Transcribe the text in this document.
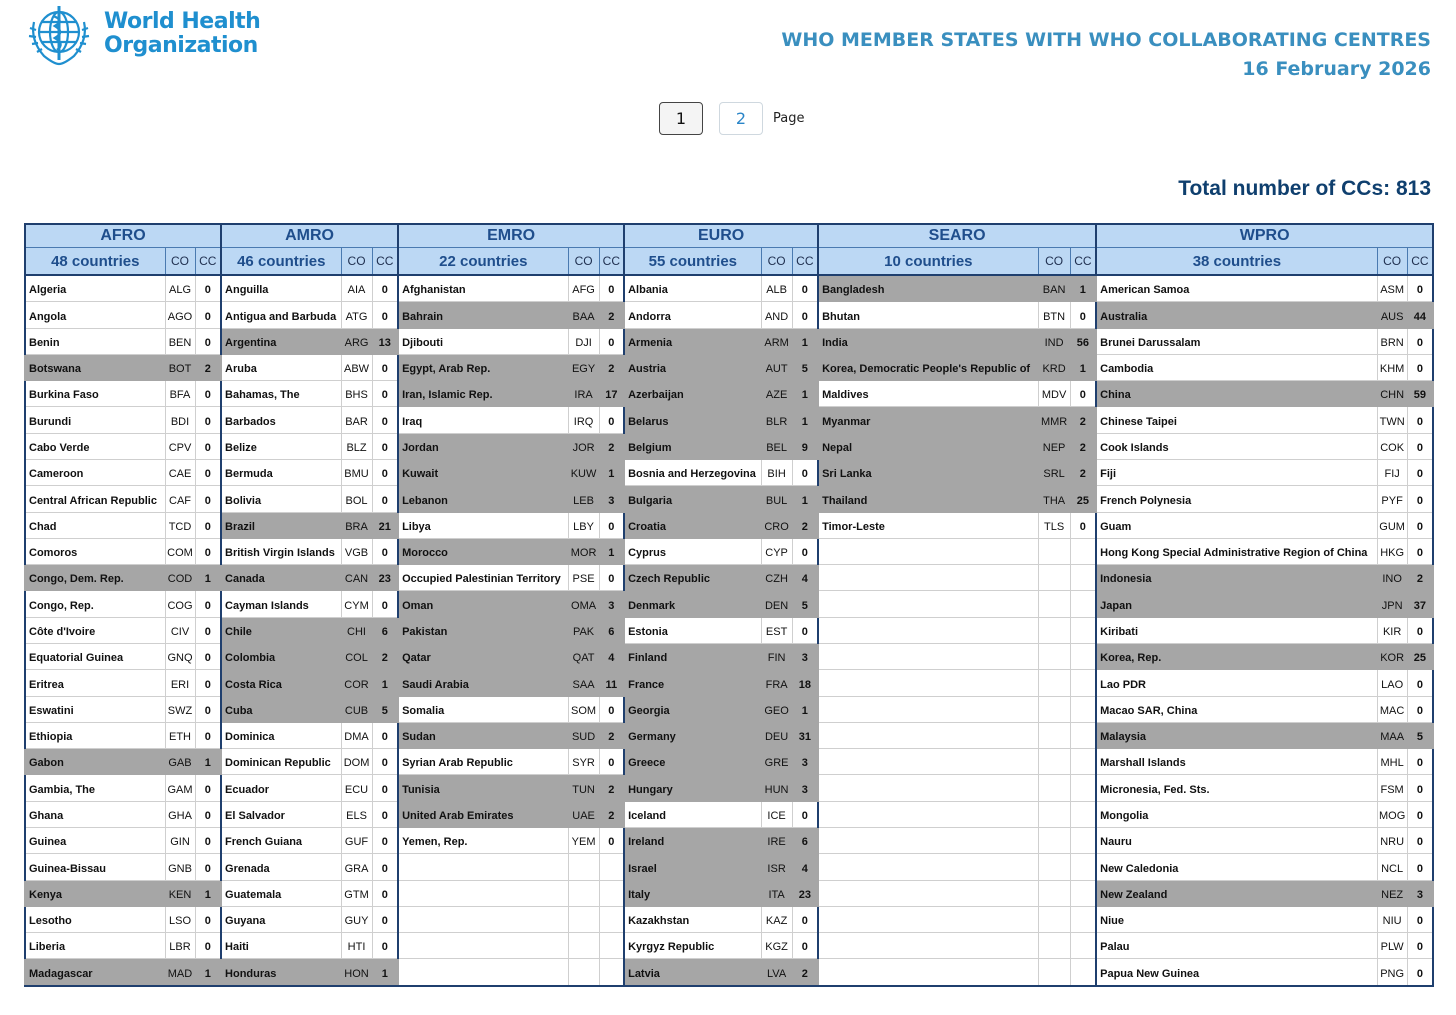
World Health
Organization	WHO MEMBER STATES WITH WHO COLLABORATING CENTRES
16 February 2026
1	2	Page
Total number of CCs: 813
AFRO			AMRO			EMRO			EURO			SEARO			WPRO		
48 countries	CO	CC	46 countries	CO	CC	22 countries	CO	CC	55 countries	CO	CC	10 countries	CO	CC	38 countries	CO	CC
Algeria	ALG	0	Anguilla	AIA	0	Afghanistan	AFG	0	Albania	ALB	0	Bangladesh	BAN	1	American Samoa	ASM	0
Angola	AGO	0	Antigua and Barbuda	ATG	0	Bahrain	BAA	2	Andorra	AND	0	Bhutan	BTN	0	Australia	AUS	44
Benin	BEN	0	Argentina	ARG	13	Djibouti	DJI	0	Armenia	ARM	1	India	IND	56	Brunei Darussalam	BRN	0
Botswana	BOT	2	Aruba	ABW	0	Egypt, Arab Rep.	EGY	2	Austria	AUT	5	Korea, Democratic People's Republic of	KRD	1	Cambodia	KHM	0
Burkina Faso	BFA	0	Bahamas, The	BHS	0	Iran, Islamic Rep.	IRA	17	Azerbaijan	AZE	1	Maldives	MDV	0	China	CHN	59
Burundi	BDI	0	Barbados	BAR	0	Iraq	IRQ	0	Belarus	BLR	1	Myanmar	MMR	2	Chinese Taipei	TWN	0
Cabo Verde	CPV	0	Belize	BLZ	0	Jordan	JOR	2	Belgium	BEL	9	Nepal	NEP	2	Cook Islands	COK	0
Cameroon	CAE	0	Bermuda	BMU	0	Kuwait	KUW	1	Bosnia and Herzegovina	BIH	0	Sri Lanka	SRL	2	Fiji	FIJ	0
Central African Republic	CAF	0	Bolivia	BOL	0	Lebanon	LEB	3	Bulgaria	BUL	1	Thailand	THA	25	French Polynesia	PYF	0
Chad	TCD	0	Brazil	BRA	21	Libya	LBY	0	Croatia	CRO	2	Timor-Leste	TLS	0	Guam	GUM	0
Comoros	COM	0	British Virgin Islands	VGB	0	Morocco	MOR	1	Cyprus	CYP	0				Hong Kong Special Administrative Region of China	HKG	0
Congo, Dem. Rep.	COD	1	Canada	CAN	23	Occupied Palestinian Territory	PSE	0	Czech Republic	CZH	4				Indonesia	INO	2
Congo, Rep.	COG	0	Cayman Islands	CYM	0	Oman	OMA	3	Denmark	DEN	5				Japan	JPN	37
Côte d'Ivoire	CIV	0	Chile	CHI	6	Pakistan	PAK	6	Estonia	EST	0				Kiribati	KIR	0
Equatorial Guinea	GNQ	0	Colombia	COL	2	Qatar	QAT	4	Finland	FIN	3				Korea, Rep.	KOR	25
Eritrea	ERI	0	Costa Rica	COR	1	Saudi Arabia	SAA	11	France	FRA	18				Lao PDR	LAO	0
Eswatini	SWZ	0	Cuba	CUB	5	Somalia	SOM	0	Georgia	GEO	1				Macao SAR, China	MAC	0
Ethiopia	ETH	0	Dominica	DMA	0	Sudan	SUD	2	Germany	DEU	31				Malaysia	MAA	5
Gabon	GAB	1	Dominican Republic	DOM	0	Syrian Arab Republic	SYR	0	Greece	GRE	3				Marshall Islands	MHL	0
Gambia, The	GAM	0	Ecuador	ECU	0	Tunisia	TUN	2	Hungary	HUN	3				Micronesia, Fed. Sts.	FSM	0
Ghana	GHA	0	El Salvador	ELS	0	United Arab Emirates	UAE	2	Iceland	ICE	0				Mongolia	MOG	0
Guinea	GIN	0	French Guiana	GUF	0	Yemen, Rep.	YEM	0	Ireland	IRE	6				Nauru	NRU	0
Guinea-Bissau	GNB	0	Grenada	GRA	0				Israel	ISR	4				New Caledonia	NCL	0
Kenya	KEN	1	Guatemala	GTM	0				Italy	ITA	23				New Zealand	NEZ	3
Lesotho	LSO	0	Guyana	GUY	0				Kazakhstan	KAZ	0				Niue	NIU	0
Liberia	LBR	0	Haiti	HTI	0				Kyrgyz Republic	KGZ	0				Palau	PLW	0
Madagascar	MAD	1	Honduras	HON	1				Latvia	LVA	2				Papua New Guinea	PNG	0
